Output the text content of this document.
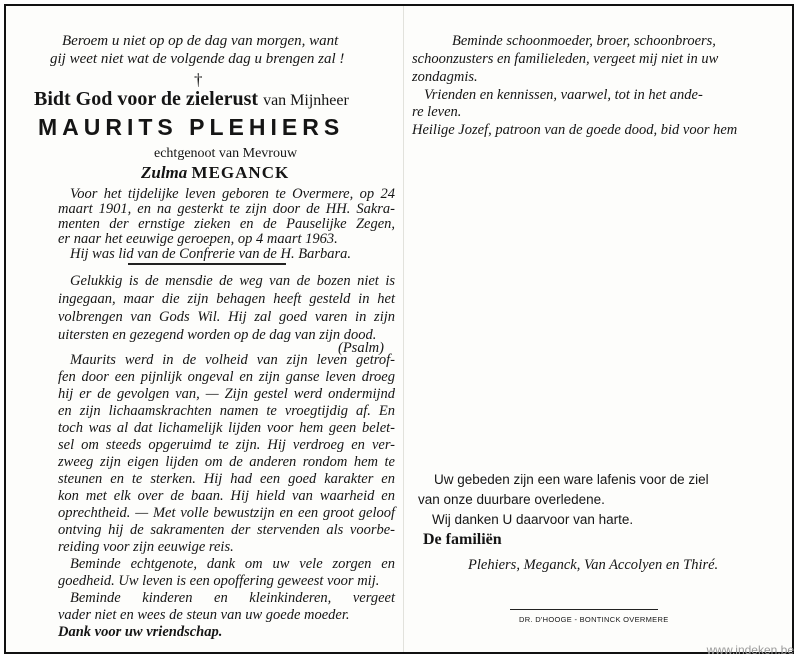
Beroem u niet op op de dag van morgen, want
gij weet niet wat de volgende dag u brengen zal !
†
Bidt God voor de zielerust van Mijnheer
MAURITS PLEHIERS
echtgenoot van Mevrouw
Zulma MEGANCK
Voor het tijdelijke leven geboren te Overmere, op 24
maart 1901, en na gesterkt te zijn door de HH. Sakra-
menten der ernstige zieken en de Pauselijke Zegen,
er naar het eeuwige geroepen, op 4 maart 1963.
Hij was lid van de Confrerie van de H. Barbara.
Gelukkig is de mensdie de weg van de bozen niet is
ingegaan, maar die zijn behagen heeft gesteld in het
volbrengen van Gods Wil. Hij zal goed varen in zijn
uitersten en gezegend worden op de dag van zijn dood.
(Psalm)
Maurits werd in de volheid van zijn leven getrof-
fen door een pijnlijk ongeval en zijn ganse leven droeg
hij er de gevolgen van, — Zijn gestel werd ondermijnd
en zijn lichaamskrachten namen te vroegtijdig af. En
toch was al dat lichamelijk lijden voor hem geen belet-
sel om steeds opgeruimd te zijn. Hij verdroeg en ver-
zweeg zijn eigen lijden om de anderen rondom hem te
steunen en te sterken. Hij had een goed karakter en
kon met elk over de baan. Hij hield van waarheid en
oprechtheid. — Met volle bewustzijn en een groot geloof
ontving hij de sakramenten der stervenden als voorbe-
reiding voor zijn eeuwige reis.
Beminde echtgenote, dank om uw vele zorgen en
goedheid. Uw leven is een opoffering geweest voor mij.
Beminde kinderen en kleinkinderen, vergeet
vader niet en wees de steun van uw goede moeder.
Dank voor uw vriendschap.
Beminde schoonmoeder, broer, schoonbroers,
schoonzusters en familieleden, vergeet mij niet in uw
zondagmis.
Vrienden en kennissen, vaarwel, tot in het ande-
re leven.
Heilige Jozef, patroon van de goede dood, bid voor hem
Uw gebeden zijn een ware lafenis voor de ziel
van onze duurbare overledene.
Wij danken U daarvoor van harte.
De familiën
Plehiers, Meganck, Van Accolyen en Thiré.
DR. D'HOOGE - BONTINCK OVERMERE
www.indeken.be
